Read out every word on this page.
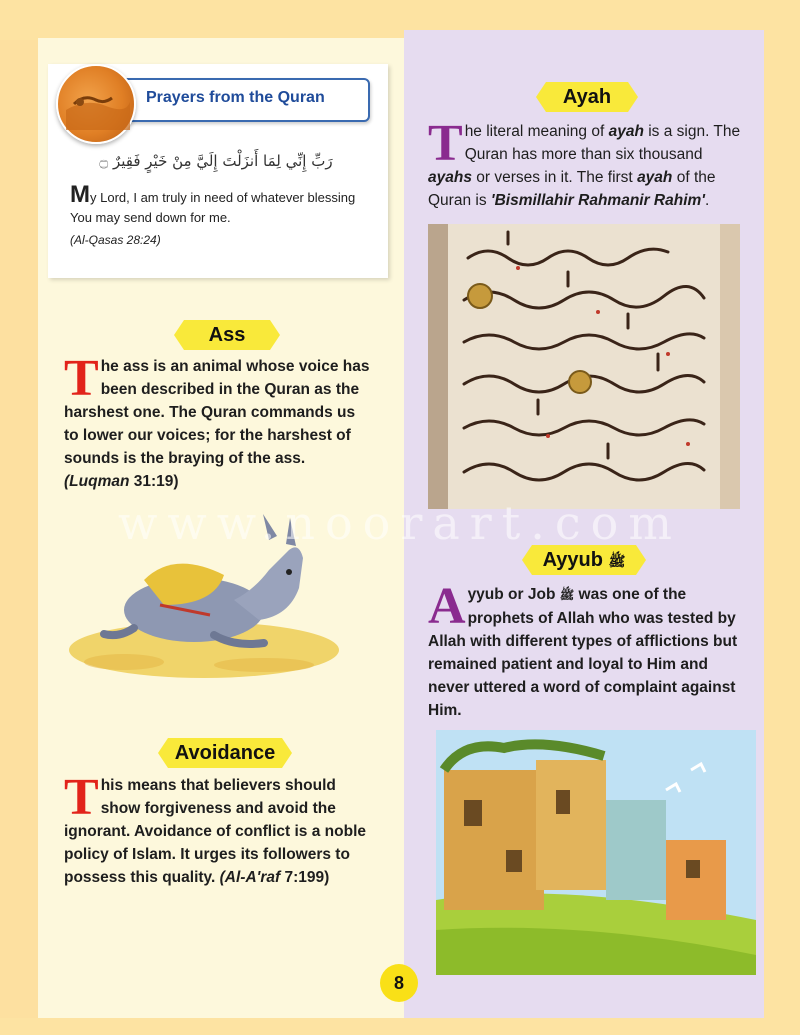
Prayers from the Quran
رَبِّ إِنِّي لِمَا أَنزَلْتَ إِلَيَّ مِنْ خَيْرٍ فَقِيرٌ ۝
My Lord, I am truly in need of whatever blessing You may send down for me.
(Al-Qasas 28:24)
Ass
The ass is an animal whose voice has been described in the Quran as the harshest one. The Quran commands us to lower our voices; for the harshest of sounds is the braying of the ass.
(Luqman 31:19)
Avoidance
This means that believers should show forgiveness and avoid the ignorant. Avoidance of conflict is a noble policy of Islam. It urges its followers to possess this quality. (Al-A'raf 7:199)
Ayah
The literal meaning of ayah is a sign. The Quran has more than six thousand ayahs or verses in it. The first ayah of the Quran is 'Bismillahir Rahmanir Rahim'.
Ayyub ﷺ
Ayyub or Job ﷺ was one of the prophets of Allah who was tested by Allah with different types of afflictions but remained patient and loyal to Him and never uttered a word of complaint against Him.
www.noorart.com
8
